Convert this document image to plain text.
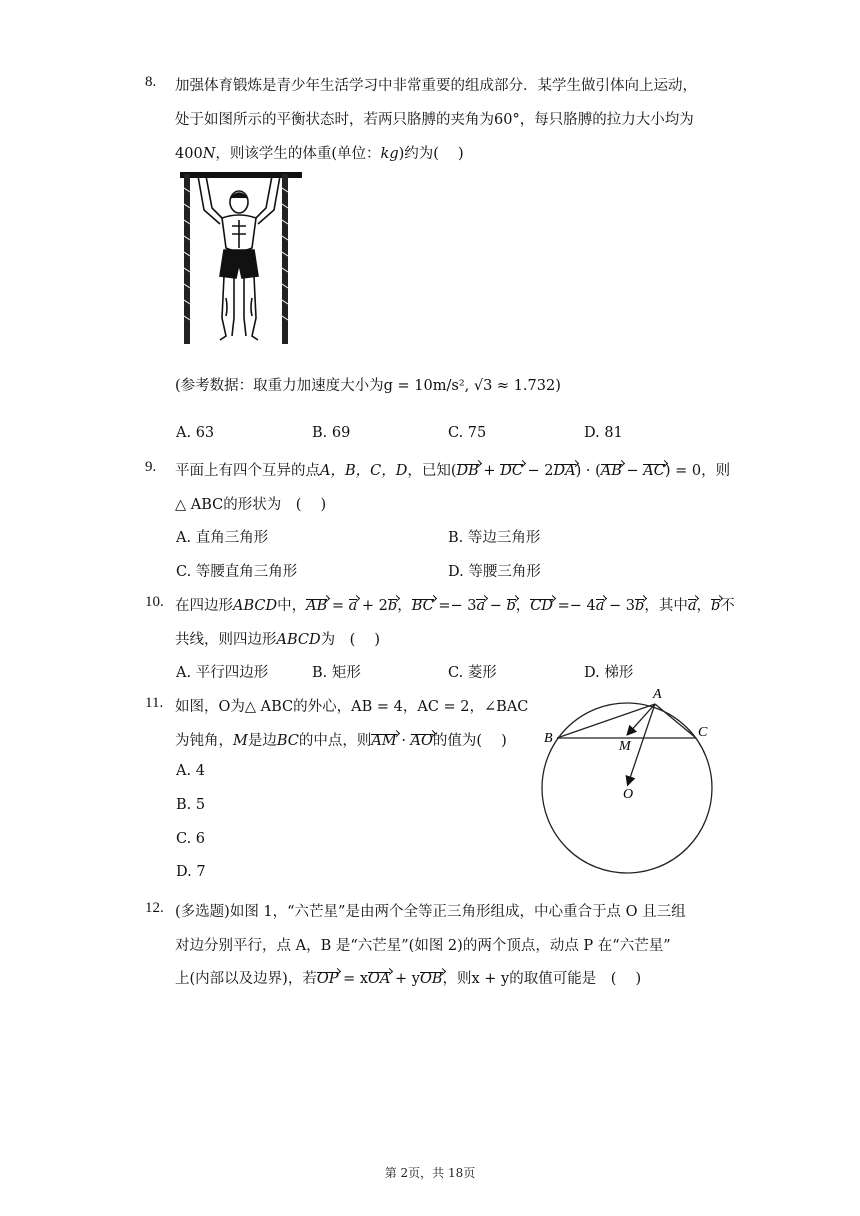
8. 加强体育锻炼是青少年生活学习中非常重要的组成部分．某学生做引体向上运动，
处于如图所示的平衡状态时，若两只胳膊的夹角为60°，每只胳膊的拉力大小均为
400N，则该学生的体重(单位：kg)约为(　 )
(参考数据：取重力加速度大小为g = 10m/s², √3 ≈ 1.732)
A. 63	B. 69	C. 75	D. 81
9. 平面上有四个互异的点A，B，C，D，已知(DB + DC − 2DA) · (AB − AC) = 0，则
△ ABC的形状为　(　 )
A. 直角三角形	B. 等边三角形
C. 等腰直角三角形	D. 等腰三角形
10. 在四边形ABCD中，AB = a + 2b，BC =− 3a − b，CD =− 4a − 3b，其中a，b不
共线，则四边形ABCD为　(　 )
A. 平行四边形	B. 矩形	C. 菱形	D. 梯形
11. 如图，O为△ ABC的外心，AB = 4，AC = 2，∠BAC
为钝角，M是边BC的中点，则AM · AO的值为(　 )
A. 4
B. 5
C. 6
D. 7
A
B	C
M
O
12. (多选题)如图 1，“六芒星”是由两个全等正三角形组成，中心重合于点 O 且三组
对边分别平行，点 A，B 是“六芒星”(如图 2)的两个顶点，动点 P 在“六芒星”
上(内部以及边界)，若OP = xOA + yOB，则x + y的取值可能是　(　 )
第 2页，共 18页
